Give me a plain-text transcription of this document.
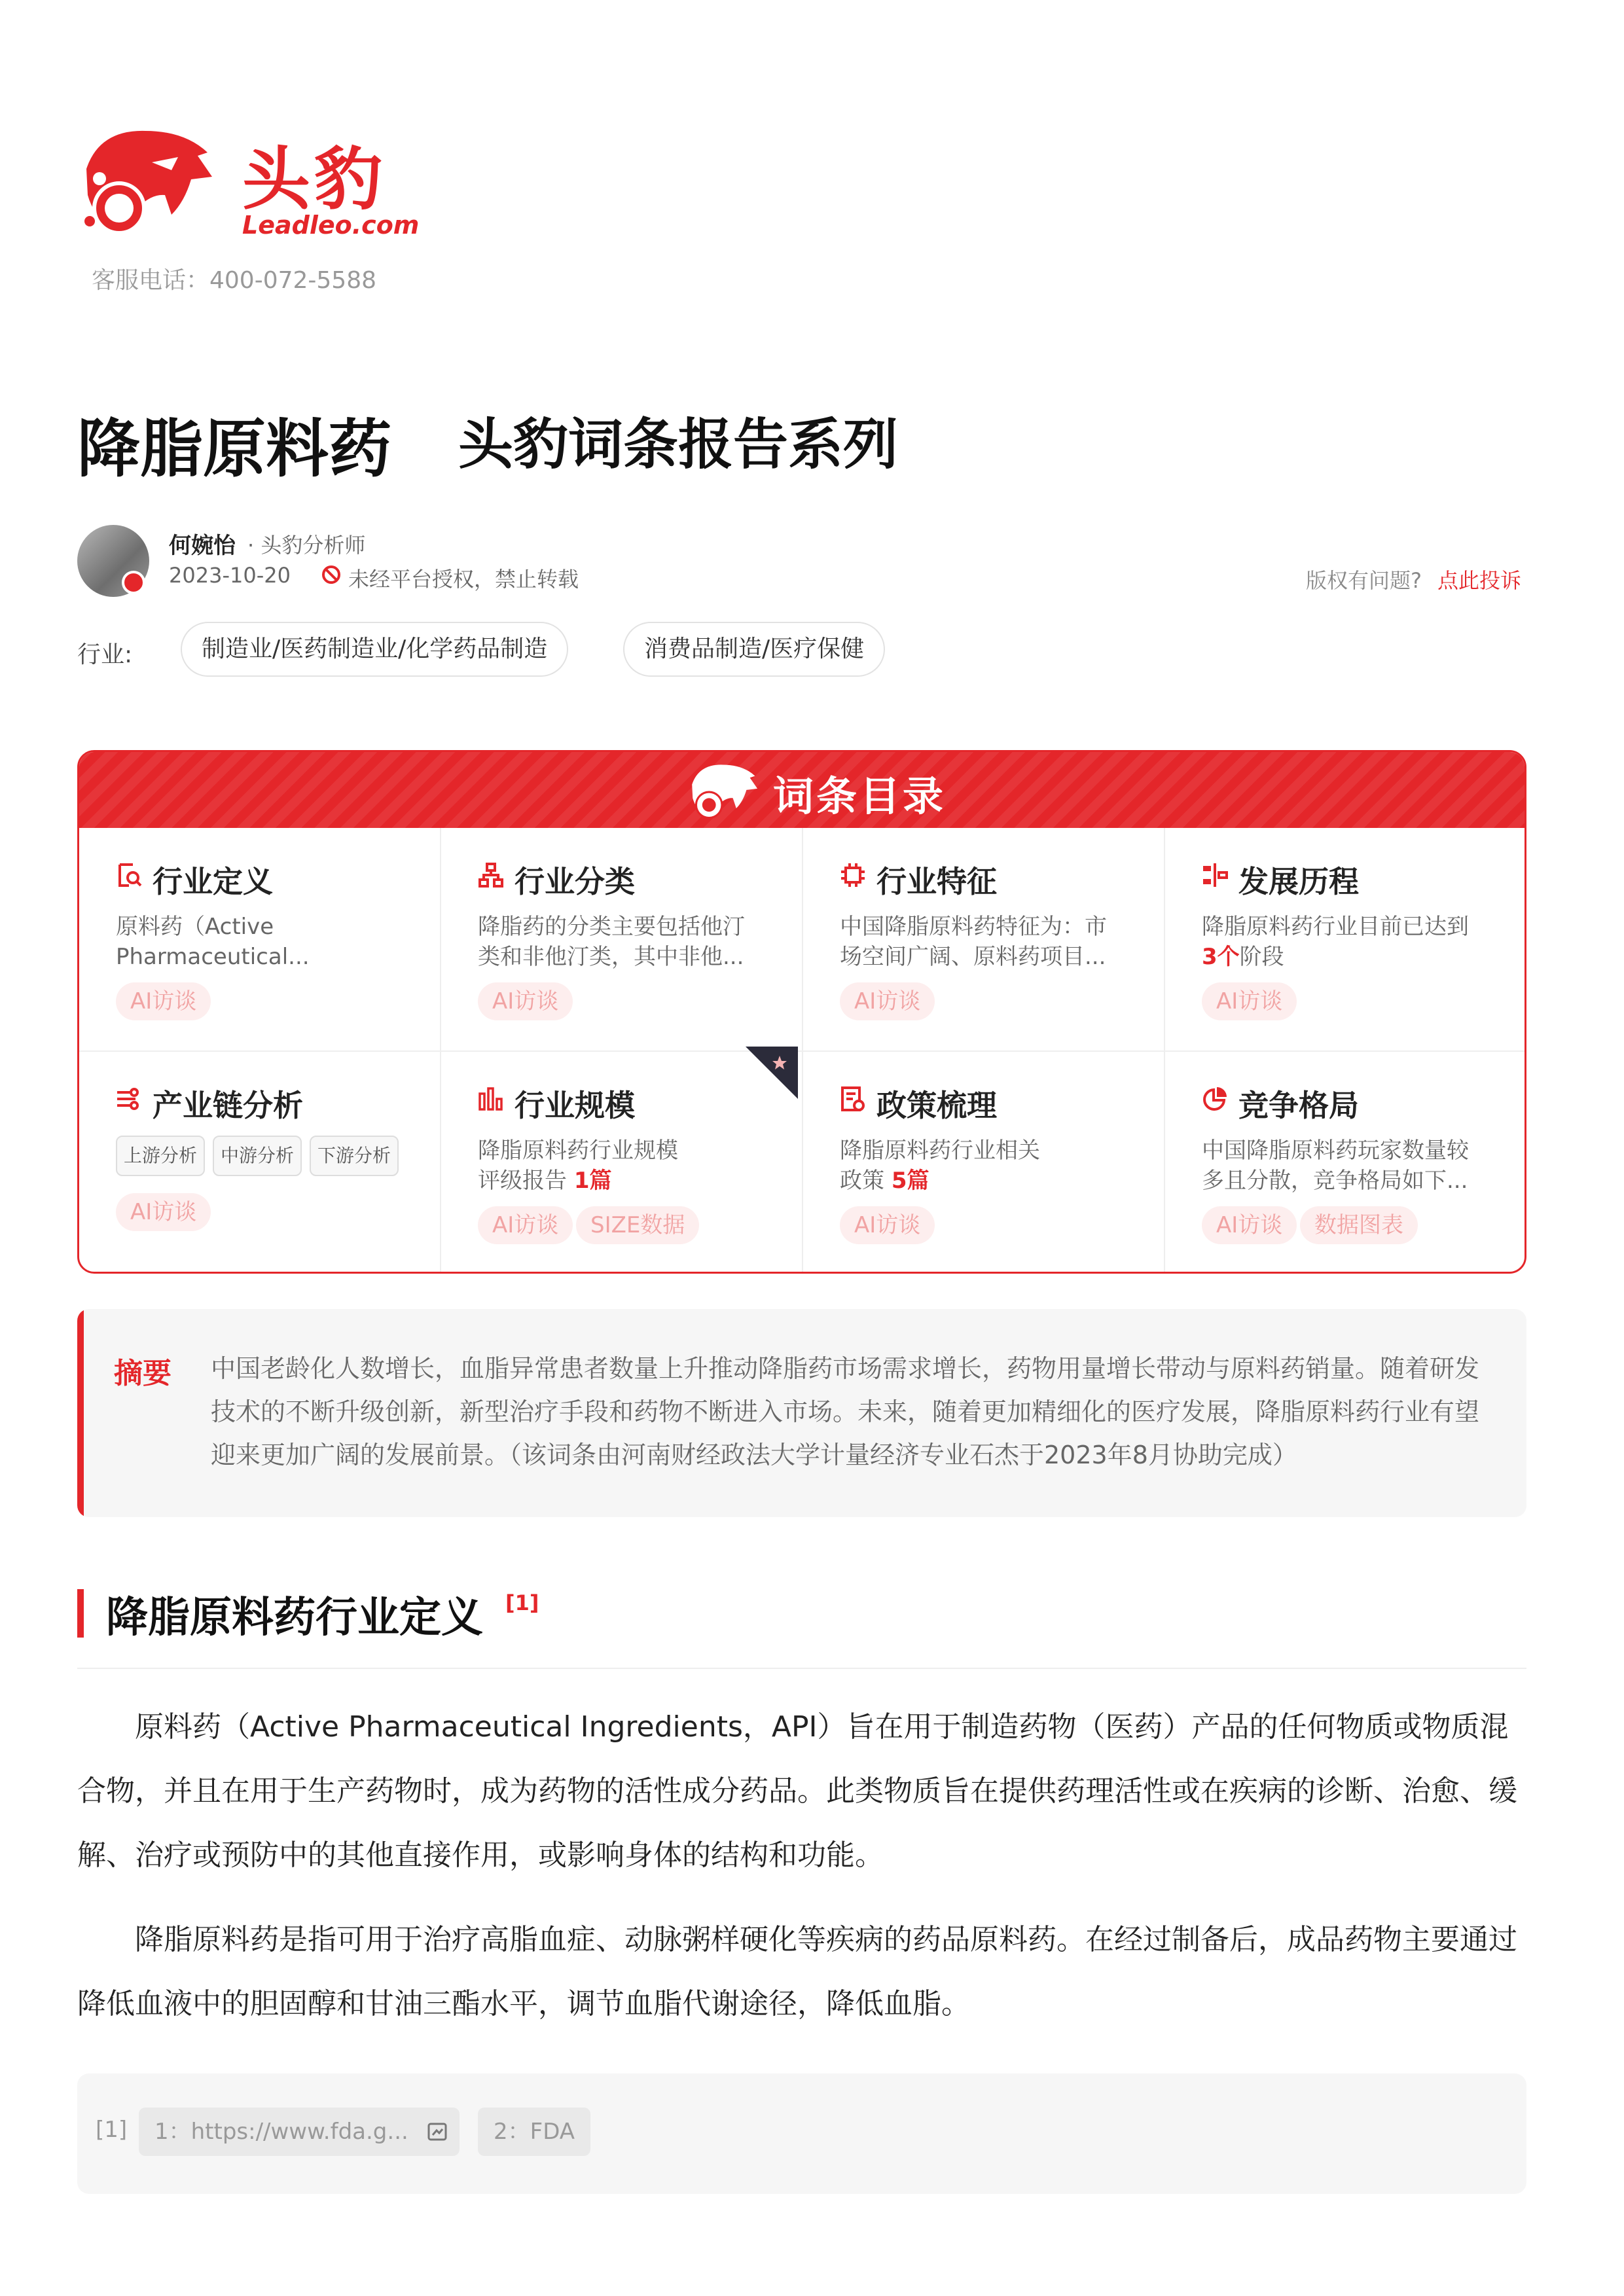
头豹
Leadleo.com
客服电话：400-072-5588
降脂原料药 头豹词条报告系列
何婉怡 · 头豹分析师
2023-10-20	未经平台授权，禁止转载	版权有问题? 点此投诉
行业:	制造业/医药制造业/化学药品制造	消费品制造/医疗保健
词条目录
行业定义
原料药（Active Pharmaceutical...
AI访谈
行业分类
降脂药的分类主要包括他汀类和非他汀类，其中非他...
AI访谈
行业特征
中国降脂原料药特征为：市场空间广阔、原料药项目...
AI访谈
发展历程
降脂原料药行业目前已达到 3个阶段
AI访谈
产业链分析
上游分析	中游分析	下游分析
AI访谈
行业规模
降脂原料药行业规模评级报告 1篇
AI访谈	SIZE数据
政策梳理
降脂原料药行业相关政策 5篇
AI访谈
竞争格局
中国降脂原料药玩家数量较多且分散，竞争格局如下...
AI访谈	数据图表
摘要 中国老龄化人数增长，血脂异常患者数量上升推动降脂药市场需求增长，药物用量增长带动与原料药销量。随着研发技术的不断升级创新，新型治疗手段和药物不断进入市场。未来，随着更加精细化的医疗发展，降脂原料药行业有望迎来更加广阔的发展前景。（该词条由河南财经政法大学计量经济专业石杰于2023年8月协助完成）
降脂原料药行业定义 [1]
原料药（Active Pharmaceutical Ingredients，API）旨在用于制造药物（医药）产品的任何物质或物质混合物，并且在用于生产药物时，成为药物的活性成分药品。此类物质旨在提供药理活性或在疾病的诊断、治愈、缓解、治疗或预防中的其他直接作用，或影响身体的结构和功能。
降脂原料药是指可用于治疗高脂血症、动脉粥样硬化等疾病的药品原料药。在经过制备后，成品药物主要通过降低血液中的胆固醇和甘油三酯水平，调节血脂代谢途径，降低血脂。
[1]	1：https://www.fda.g...	2：FDA
